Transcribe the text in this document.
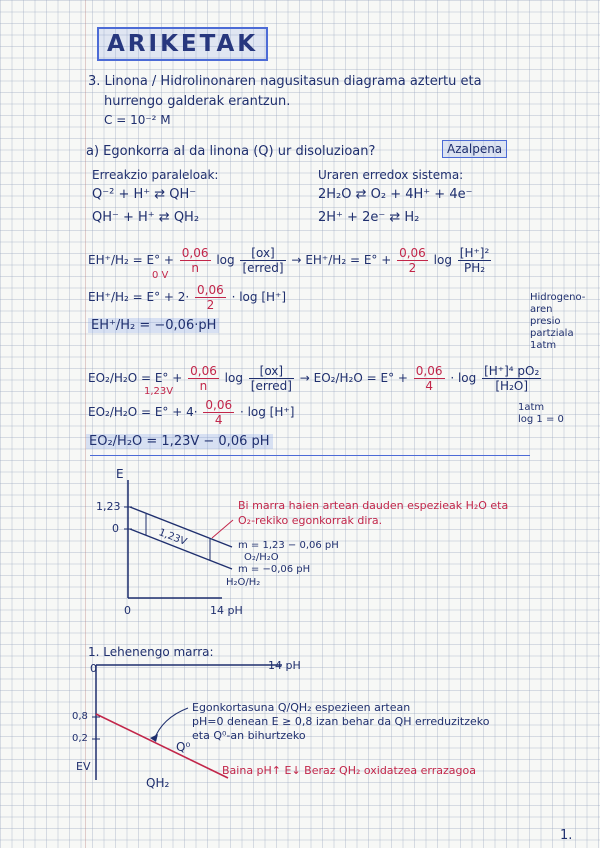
ARIKETAK
3. Linona / Hidrolinonaren nagusitasun diagrama aztertu eta
hurrengo galderak erantzun.
C = 10⁻² M
a) Egonkorra al da linona (Q) ur disoluzioan?	Azalpena
Erreakzio paraleloak:
Q⁻² + H⁺ ⇄ QH⁻
QH⁻ + H⁺ ⇄ QH₂
Uraren erredox sistema:
2H₂O ⇄ O₂ + 4H⁺ + 4e⁻
2H⁺ + 2e⁻ ⇄ H₂
$EH^+/H_2 = E^\circ + \frac{0,06}{n}$ $\log \frac{[ox]}{\text{[erred]}} \to EH^+/H_2 = E^\circ + \frac{0,06}{2}$ $\log \frac{\text{[H⁺]²}}{\text{PH₂}}$
0 V
$EH^+/H_2 = E^\circ + 2\cdot \frac{0,06}{2} \cdot \log [H^+]$
EH⁺/H₂ = −0,06·pH
Hidrogeno-
aren
presio
partziala
1atm
$EO_2/H_2O = E^\circ + \frac{0,06}{n}$ $\log \frac{[ox]}{\text{[erred]}} \to EO_2/H_2O = E^\circ + \frac{0,06}{4} \cdot \log \frac{\text{[H⁺]⁴ pO₂}}{\text{[H₂O]}}$
1,23V
$EO_2/H_2O = E^\circ + 4\cdot \frac{0,06}{4} \cdot \log [H^+]$	1atm
log 1 = 0
EO₂/H₂O = 1,23V − 0,06 pH
E
1,23
0
0	14 pH
1,23V	m = 1,23 − 0,06 pH
O₂/H₂O
m = −0,06 pH
H₂O/H₂
Bi marra haien artean dauden espezieak H₂O eta
O₂-rekiko egonkorrak dira.
1. Lehenengo marra:
0	14 pH
0,8
0,2
EV
Q⁰
QH₂
Egonkortasuna Q/QH₂ espezieen artean
pH=0 denean E ≥ 0,8 izan behar da QH erreduzitzeko
eta Q⁰-an bihurtzeko
Baina pH↑ E↓ Beraz QH₂ oxidatzea errazagoa
1.
